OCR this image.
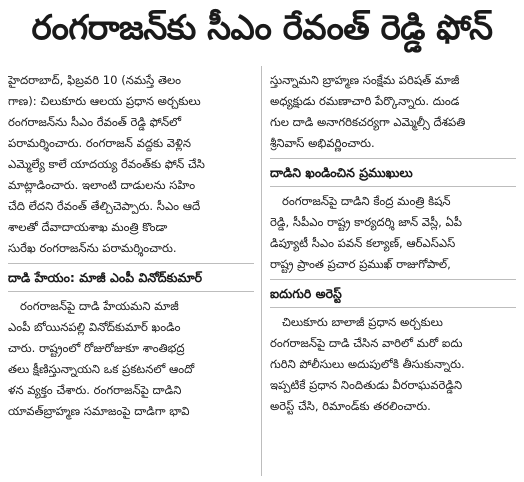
రంగరాజన్‌కు సీఎం రేవంత్ రెడ్డి ఫోన్

హైదరాబాద్, ఫిబ్రవరి 10 (నమస్తే తెలం

గాణ): చిలుకూరు ఆలయ ప్రధాన అర్చకులు

రంగరాజన్‌ను సీఎం రేవంత్ రెడ్డి ఫోన్‌లో

పరామర్శించారు. రంగరాజన్ వద్దకు వెళ్లిన

ఎమ్మెల్యే కాలే యాదయ్య రేవంత్‌కు ఫోన్ చేసి

మాట్లాడించారు. ఇలాంటి దాడులను సహిం

చేది లేదని రేవంత్ తేల్చిచెప్పారు. సీఎం ఆదే

శాలతో దేవాదాయశాఖ మంత్రి కొండా

సురేఖ రంగరాజన్‌ను పరామర్శించారు.

దాడి హేయం: మాజీ ఎంపీ వినోద్‌కుమార్

రంగరాజన్‌పై దాడి హేయమని మాజీ

ఎంపీ బోయినపల్లి వినోద్‌కుమార్ ఖండిం

చారు. రాష్ట్రంలో రోజురోజుకూ శాంతిభద్ర

తలు క్షీణిస్తున్నాయని ఒక ప్రకటనలో ఆందో

ళన వ్యక్తం చేశారు. రంగరాజన్‌పై దాడిని

యావత్‌బ్రాహ్మణ సమాజంపై దాడిగా భావి

స్తున్నామని బ్రాహ్మణ సంక్షేమ పరిషత్ మాజీ

అధ్యక్షుడు రమణాచారి పేర్కొన్నారు. దుండ

గుల దాడి అనాగరికచర్యగా ఎమ్మెల్సీ దేశపతి

శ్రీనివాస్ అభివర్ణించారు.

దాడిని ఖండించిన ప్రముఖులు

రంగరాజన్‌పై దాడిని కేంద్ర మంత్రి కిషన్

రెడ్డి, సీపీఎం రాష్ట్ర కార్యదర్శి జాన్ వెస్లీ, ఏపీ

డిప్యూటీ సీఎం పవన్ కల్యాణ్, ఆర్ఎస్ఎస్

రాష్ట్ర ప్రాంత ప్రచార ప్రముఖ్ రాజుగోపాల్,

ఐదుగురి అరెస్ట్

చిలుకూరు బాలాజీ ప్రధాన అర్చకులు

రంగరాజన్‌పై దాడి చేసిన వారిలో మరో ఐదు

గురిని పోలీసులు అదుపులోకి తీసుకున్నారు.

ఇప్పటికే ప్రధాన నిందితుడు వీరరాఘవరెడ్డిని

అరెస్ట్ చేసి, రిమాండ్‌కు తరలించారు.
